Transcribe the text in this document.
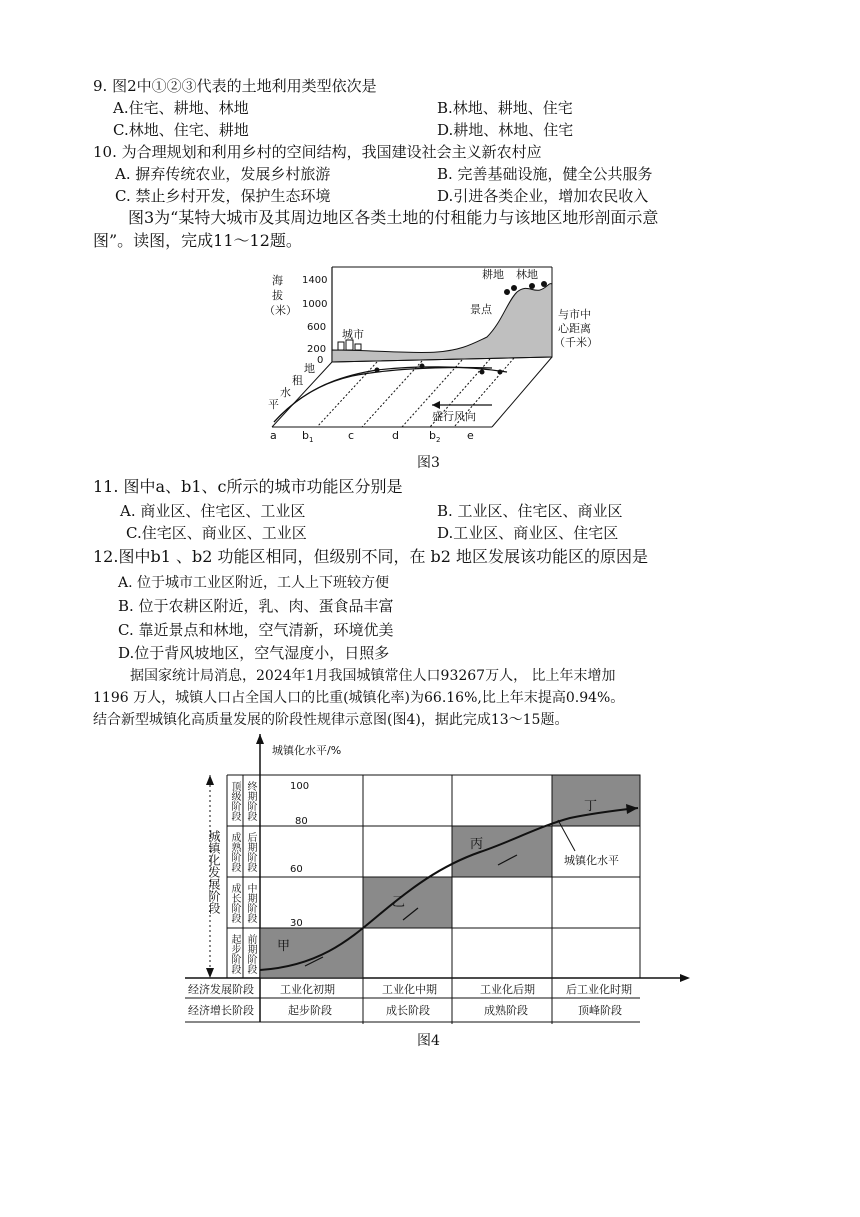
9. 图2中①②③代表的土地利用类型依次是
A.住宅、耕地、林地	B.林地、耕地、住宅
C.林地、住宅、耕地	D.耕地、林地、住宅
10. 为合理规划和利用乡村的空间结构，我国建设社会主义新农村应
A. 摒弃传统农业，发展乡村旅游	B. 完善基础设施，健全公共服务
C. 禁止乡村开发，保护生态环境	D.引进各类企业，增加农民收入
图3为“某特大城市及其周边地区各类土地的付租能力与该地区地形剖面示意
图”。读图，完成11～12题。
海
拔
（米）
1400
1000
600
200
0
城市
景点
耕地 林地
与市中
心距离
（千米）
地
租
水
平
盛行风向
a b 1	c	d	b 2 e
图3
11. 图中a、b1、c所示的城市功能区分别是
A. 商业区、住宅区、工业区	B. 工业区、住宅区、商业区
C.住宅区、商业区、工业区	D.工业区、商业区、住宅区
12.图中b1 、b2 功能区相同，但级别不同，在 b2 地区发展该功能区的原因是
A. 位于城市工业区附近，工人上下班较方便
B. 位于农耕区附近，乳、肉、蛋食品丰富
C. 靠近景点和林地，空气清新，环境优美
D.位于背风坡地区，空气湿度小，日照多
据国家统计局消息，2024年1月我国城镇常住人口93267万人， 比上年末增加
1196 万人，城镇人口占全国人口的比重(城镇化率)为66.16%,比上年末提高0.94%。
结合新型城镇化高质量发展的阶段性规律示意图(图4)，据此完成13～15题。
城镇化水平/%
甲
乙
丙
丁
100
80
60
30
城镇化水平
城镇化发展阶段
顶级阶段
成熟阶段
成长阶段
起步阶段
终期阶段
后期阶段
中期阶段
前期阶段
经济发展阶段
经济增长阶段
工业化初期	工业化中期	工业化后期	后工业化时期
起步阶段	成长阶段	成熟阶段	顶峰阶段
图4
